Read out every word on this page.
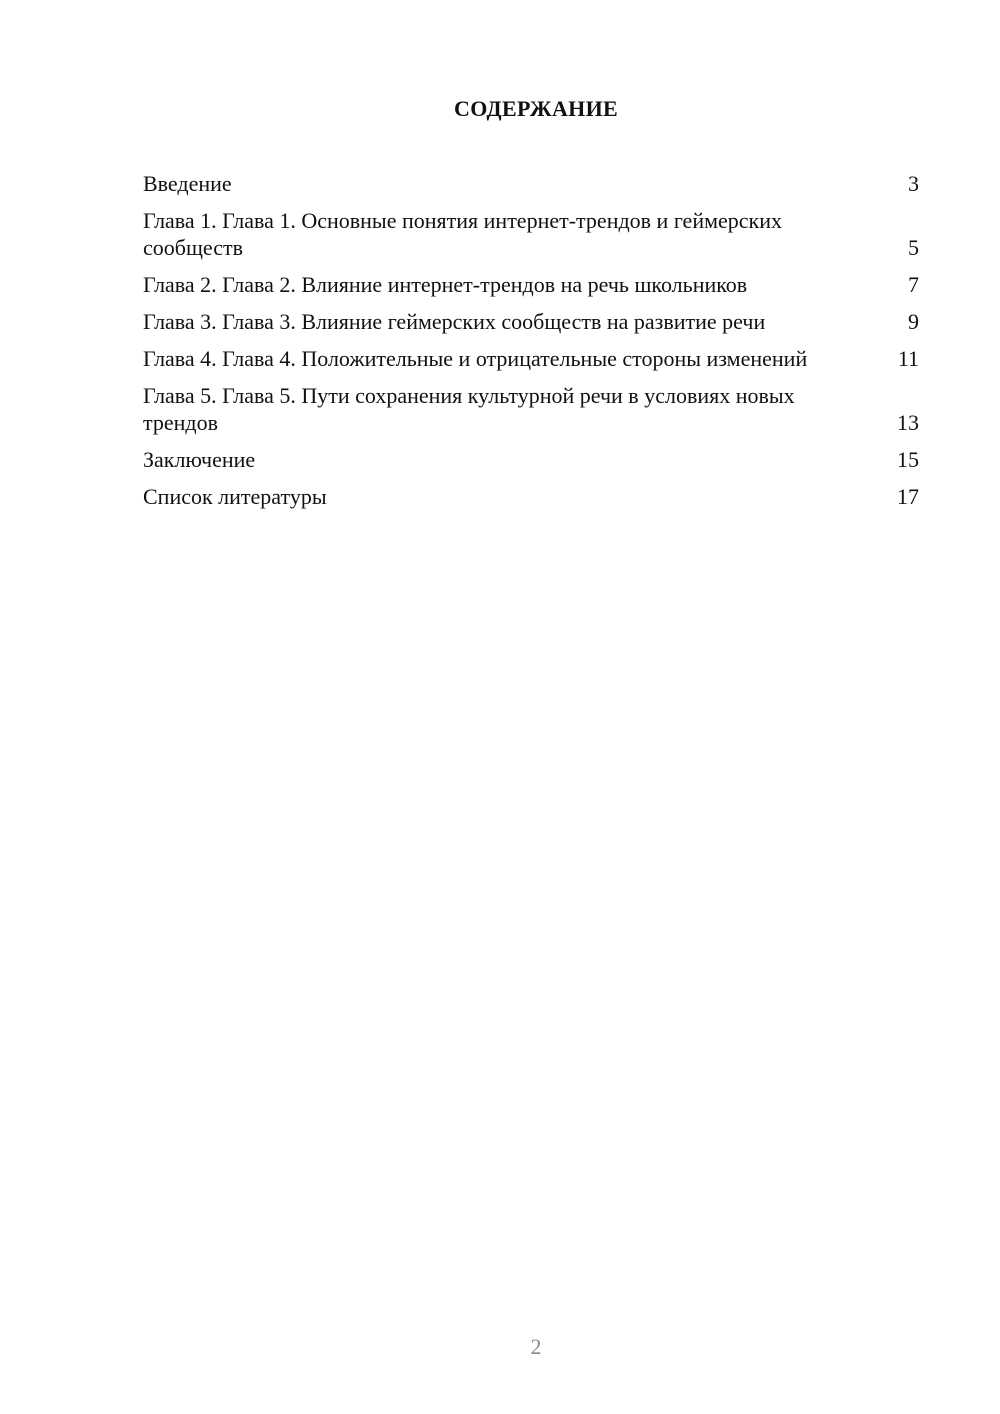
СОДЕРЖАНИЕ
Введение	3
Глава 1. Глава 1. Основные понятия интернет-трендов и геймерских сообществ	5
Глава 2. Глава 2. Влияние интернет-трендов на речь школьников	7
Глава 3. Глава 3. Влияние геймерских сообществ на развитие речи	9
Глава 4. Глава 4. Положительные и отрицательные стороны изменений	11
Глава 5. Глава 5. Пути сохранения культурной речи в условиях новых трендов	13
Заключение	15
Список литературы	17
2
